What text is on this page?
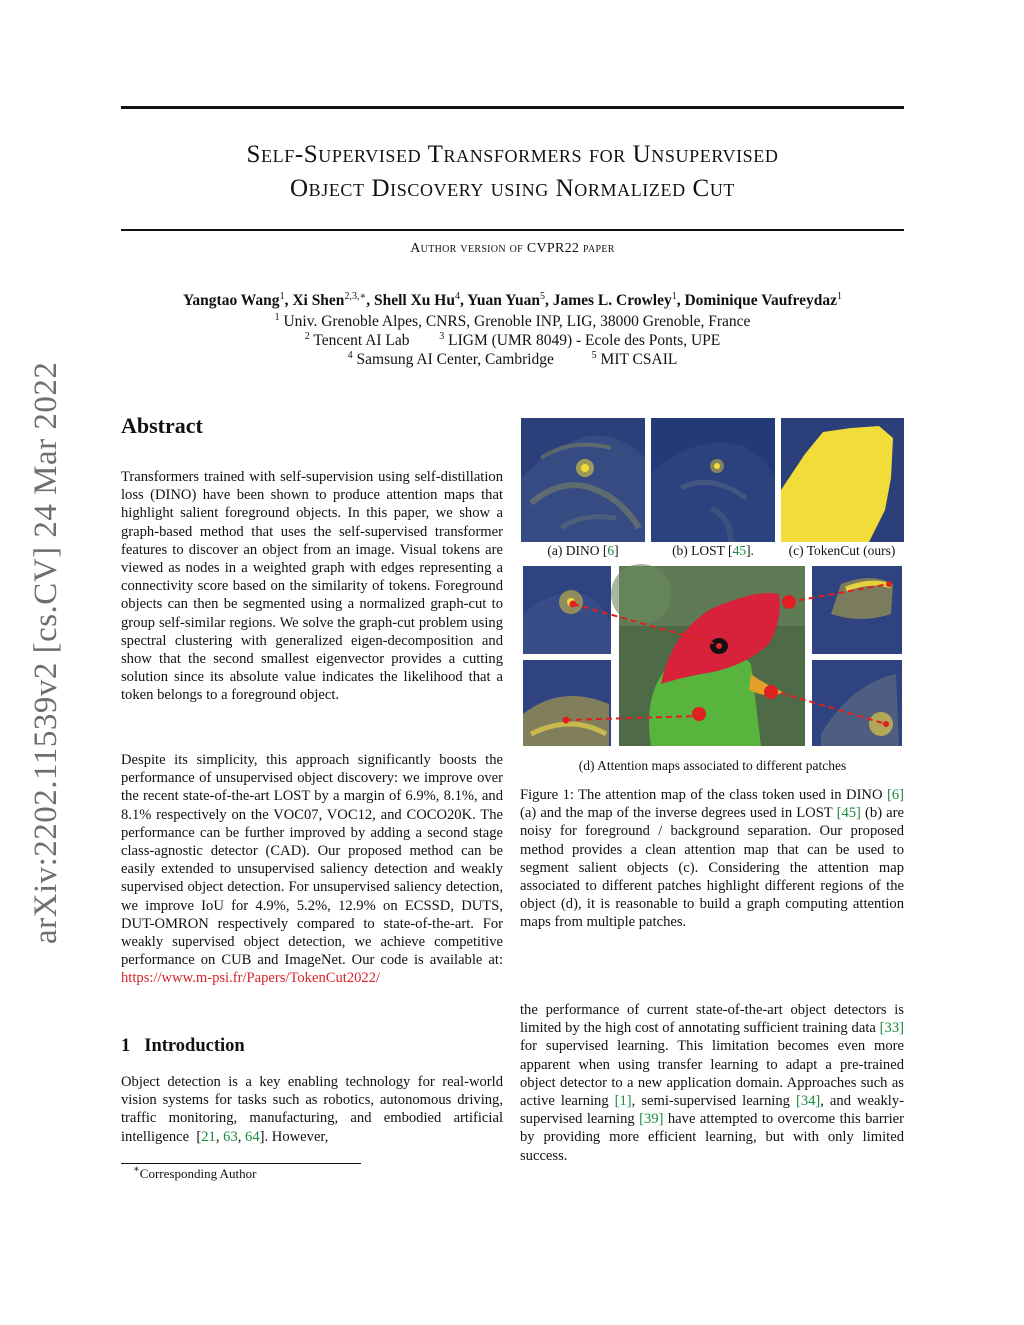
arXiv:2202.11539v2 [cs.CV] 24 Mar 2022
Self-Supervised Transformers for Unsupervised
Object Discovery using Normalized Cut
Author version of CVPR22 paper
Yangtao Wang$^1$, Xi Shen$^{2,3,∗}$, Shell Xu Hu$^4$, Yuan Yuan$^5$, James L. Crowley$^1$, Dominique Vaufreydaz$^1$
$^1$ Univ. Grenoble Alpes, CNRS, Grenoble INP, LIG, 38000 Grenoble, France
$^2$ Tencent AI Lab	$^3$ LIGM (UMR 8049) - Ecole des Ponts, UPE
$^4$ Samsung AI Center, Cambridge	$^5$ MIT CSAIL
Abstract
Transformers trained with self-supervision using self-distillation loss (DINO) have been shown to produce attention maps that highlight salient foreground objects. In this paper, we show a graph-based method that uses the self-supervised transformer features to discover an object from an image. Visual tokens are viewed as nodes in a weighted graph with edges representing a connectivity score based on the similarity of tokens. Foreground objects can then be segmented using a normalized graph-cut to group self-similar regions. We solve the graph-cut problem using spectral clustering with generalized eigen-decomposition and show that the second smallest eigenvector provides a cutting solution since its absolute value indicates the likelihood that a token belongs to a foreground object.
Despite its simplicity, this approach significantly boosts the performance of unsupervised object discovery: we improve over the recent state-of-the-art LOST by a margin of 6.9%, 8.1%, and 8.1% respectively on the VOC07, VOC12, and COCO20K. The performance can be further improved by adding a second stage class-agnostic detector (CAD). Our proposed method can be easily extended to unsupervised saliency detection and weakly supervised object detection. For unsupervised saliency detection, we improve IoU for 4.9%, 5.2%, 12.9% on ECSSD, DUTS, DUT-OMRON respectively compared to state-of-the-art. For weakly supervised object detection, we achieve competitive performance on CUB and ImageNet. Our code is available at: https://www.m-psi.fr/Papers/TokenCut2022/
1 Introduction
Object detection is a key enabling technology for real-world vision systems for tasks such as robotics, autonomous driving, traffic monitoring, manufacturing, and embodied artificial intelligence  [21, 63, 64]. However,
∗Corresponding Author
(a) DINO [6]	(b) LOST [45].	(c) TokenCut (ours)
(d) Attention maps associated to different patches
Figure 1: The attention map of the class token used in DINO [6] (a) and the map of the inverse degrees used in LOST [45] (b) are noisy for foreground / background separation. Our proposed method provides a clean attention map that can be used to segment salient objects (c). Considering the attention map associated to different patches highlight different regions of the object (d), it is reasonable to build a graph computing attention maps from multiple patches.
the performance of current state-of-the-art object detectors is limited by the high cost of annotating sufficient training data [33] for supervised learning. This limitation becomes even more apparent when using transfer learning to adapt a pre-trained object detector to a new application domain. Approaches such as active learning [1], semi-supervised learning [34], and weakly-supervised learning [39] have attempted to overcome this barrier by providing more efficient learning, but with only limited success.
